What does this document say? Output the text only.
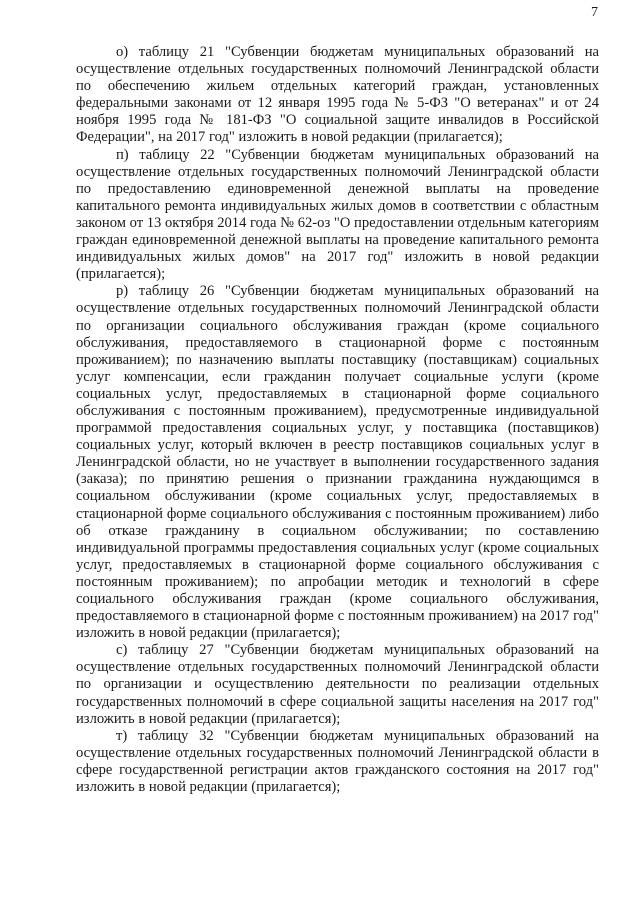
7

о) таблицу 21 "Субвенции бюджетам муниципальных образований на осуществление отдельных государственных полномочий Ленинградской области по обеспечению жильем отдельных категорий граждан, установленных федеральными законами от 12 января 1995 года № 5-ФЗ "О ветеранах" и от 24 ноября 1995 года № 181-ФЗ "О социальной защите инвалидов в Российской Федерации", на 2017 год" изложить в новой редакции (прилагается);

п) таблицу 22 "Субвенции бюджетам муниципальных образований на осуществление отдельных государственных полномочий Ленинградской области по предоставлению единовременной денежной выплаты на проведение капитального ремонта индивидуальных жилых домов в соответствии с областным законом от 13 октября 2014 года № 62-оз "О предоставлении отдельным категориям граждан единовременной денежной выплаты на проведение капитального ремонта индивидуальных жилых домов" на 2017 год" изложить в новой редакции (прилагается);

р) таблицу 26 "Субвенции бюджетам муниципальных образований на осуществление отдельных государственных полномочий Ленинградской области по организации социального обслуживания граждан (кроме социального обслуживания, предоставляемого в стационарной форме с постоянным проживанием); по назначению выплаты поставщику (поставщикам) социальных услуг компенсации, если гражданин получает социальные услуги (кроме социальных услуг, предоставляемых в стационарной форме социального обслуживания с постоянным проживанием), предусмотренные индивидуальной программой предоставления социальных услуг, у поставщика (поставщиков) социальных услуг, который включен в реестр поставщиков социальных услуг в Ленинградской области, но не участвует в выполнении государственного задания (заказа); по принятию решения о признании гражданина нуждающимся в социальном обслуживании (кроме социальных услуг, предоставляемых в стационарной форме социального обслуживания с постоянным проживанием) либо об отказе гражданину в социальном обслуживании; по составлению индивидуальной программы предоставления социальных услуг (кроме социальных услуг, предоставляемых в стационарной форме социального обслуживания с постоянным проживанием); по апробации методик и технологий в сфере социального обслуживания граждан (кроме социального обслуживания, предоставляемого в стационарной форме с постоянным проживанием) на 2017 год" изложить в новой редакции (прилагается);

с) таблицу 27 "Субвенции бюджетам муниципальных образований на осуществление отдельных государственных полномочий Ленинградской области по организации и осуществлению деятельности по реализации отдельных государственных полномочий в сфере социальной защиты населения на 2017 год" изложить в новой редакции (прилагается);

т) таблицу 32 "Субвенции бюджетам муниципальных образований на осуществление отдельных государственных полномочий Ленинградской области в сфере государственной регистрации актов гражданского состояния на 2017 год" изложить в новой редакции (прилагается);
